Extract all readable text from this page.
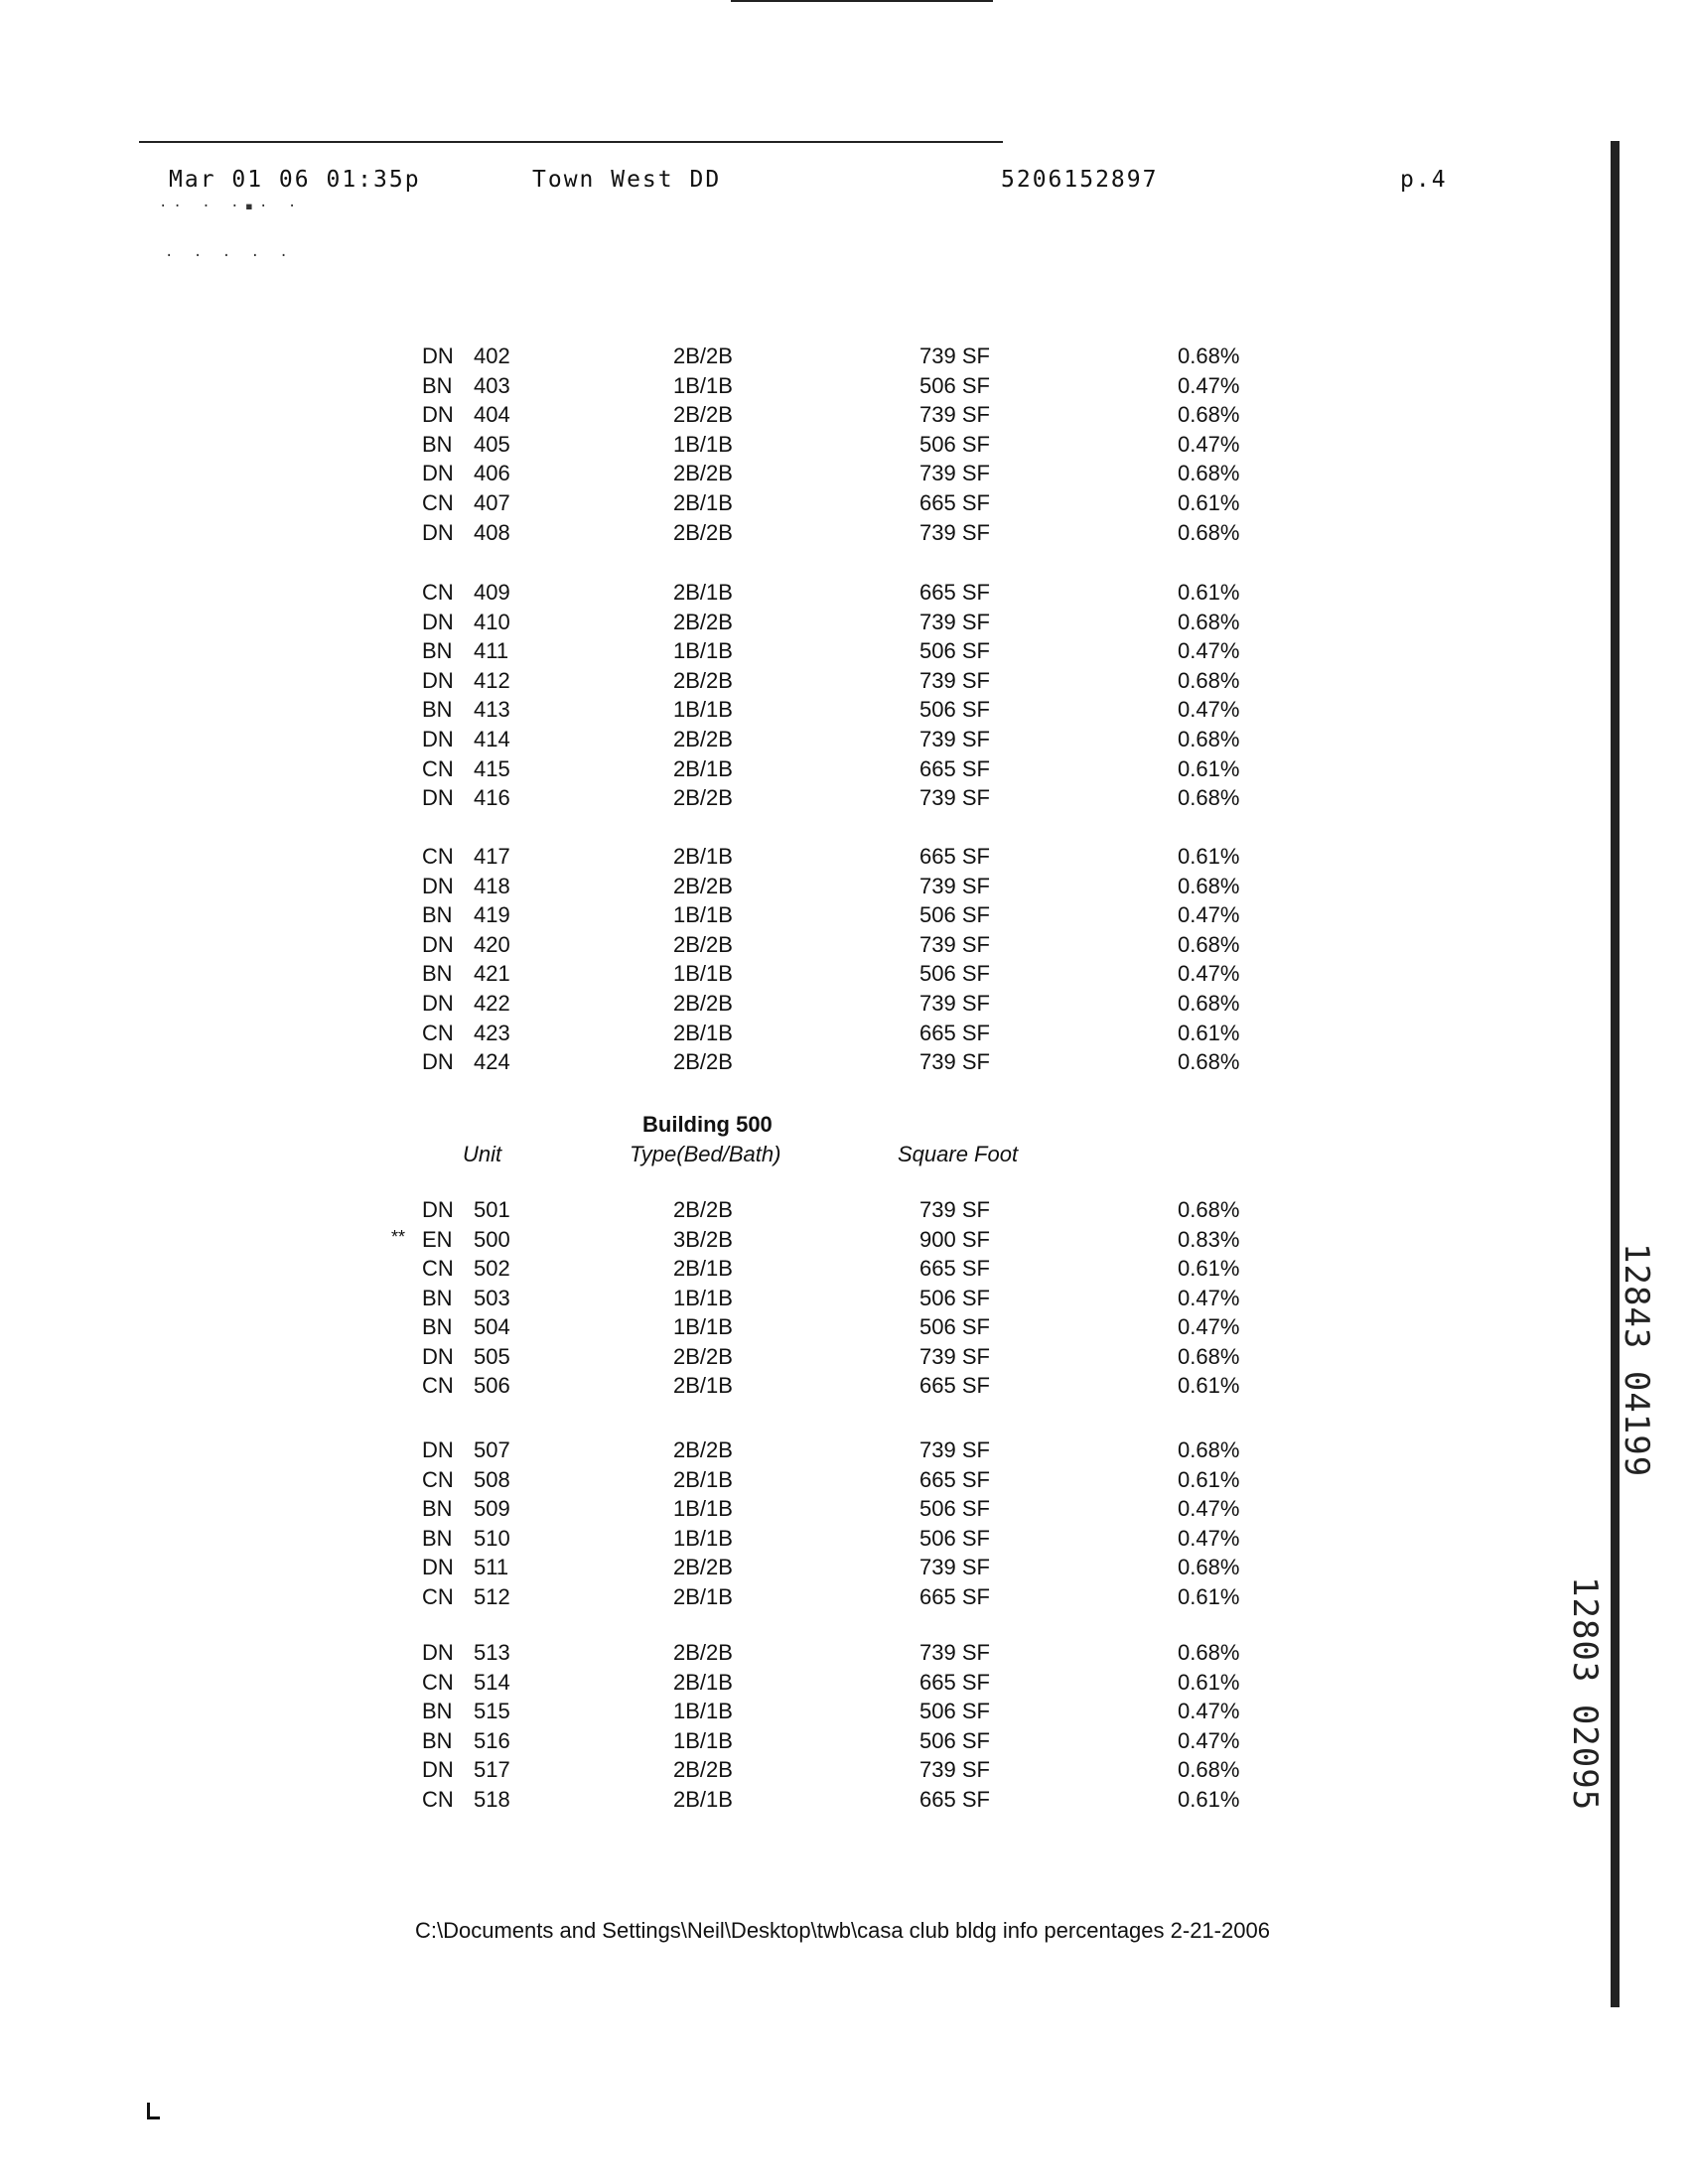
Mar 01 06 01:35p	Town West DD	5206152897	p.4
·· · ·▪· ·
· · · · ·
DN 402	2B/2B	739 SF	0.68%
BN 403	1B/1B	506 SF	0.47%
DN 404	2B/2B	739 SF	0.68%
BN 405	1B/1B	506 SF	0.47%
DN 406	2B/2B	739 SF	0.68%
CN 407	2B/1B	665 SF	0.61%
DN 408	2B/2B	739 SF	0.68%
CN 409	2B/1B	665 SF	0.61%
DN 410	2B/2B	739 SF	0.68%
BN 411	1B/1B	506 SF	0.47%
DN 412	2B/2B	739 SF	0.68%
BN 413	1B/1B	506 SF	0.47%
DN 414	2B/2B	739 SF	0.68%
CN 415	2B/1B	665 SF	0.61%
DN 416	2B/2B	739 SF	0.68%
CN 417	2B/1B	665 SF	0.61%
DN 418	2B/2B	739 SF	0.68%
BN 419	1B/1B	506 SF	0.47%
DN 420	2B/2B	739 SF	0.68%
BN 421	1B/1B	506 SF	0.47%
DN 422	2B/2B	739 SF	0.68%
CN 423	2B/1B	665 SF	0.61%
DN 424	2B/2B	739 SF	0.68%
Building 500
Unit	Type(Bed/Bath)	Square Foot
DN 501	2B/2B	739 SF	0.68%
** EN 500	3B/2B	900 SF	0.83%
CN 502	2B/1B	665 SF	0.61%
BN 503	1B/1B	506 SF	0.47%
BN 504	1B/1B	506 SF	0.47%
DN 505	2B/2B	739 SF	0.68%
CN 506	2B/1B	665 SF	0.61%
DN 507	2B/2B	739 SF	0.68%
CN 508	2B/1B	665 SF	0.61%
BN 509	1B/1B	506 SF	0.47%
BN 510	1B/1B	506 SF	0.47%
DN 511	2B/2B	739 SF	0.68%
CN 512	2B/1B	665 SF	0.61%
DN 513	2B/2B	739 SF	0.68%
CN 514	2B/1B	665 SF	0.61%
BN 515	1B/1B	506 SF	0.47%
BN 516	1B/1B	506 SF	0.47%
DN 517	2B/2B	739 SF	0.68%
CN 518	2B/1B	665 SF	0.61%
C:\Documents and Settings\Neil\Desktop\twb\casa club bldg info percentages 2-21-2006
12843 04199
12803 02095
